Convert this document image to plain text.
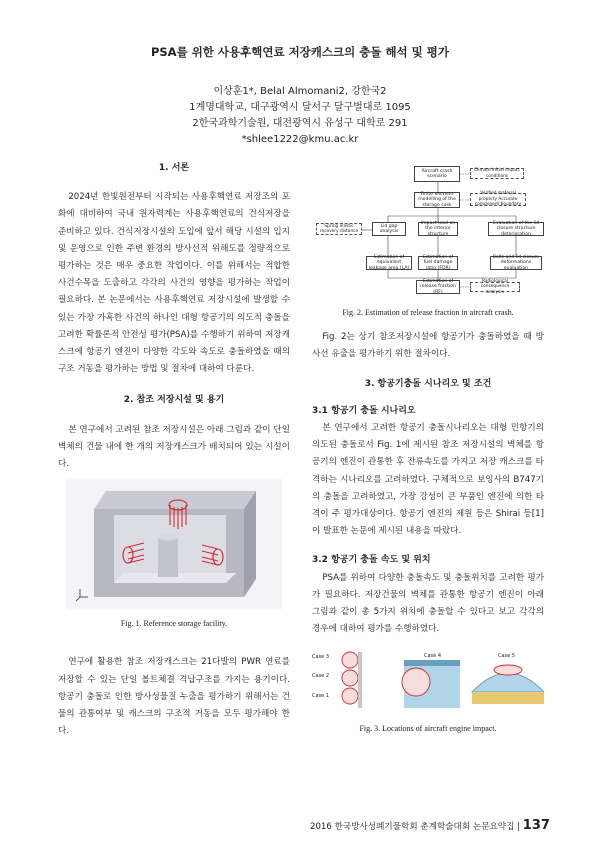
PSA를 위한 사용후핵연료 저장캐스크의 충돌 해석 및 평가
이상훈1*, Belal Almomani2, 강한국2
1계명대학교, 대구광역시 달서구 달구벌대로 1095
2한국과학기술원, 대전광역시 유성구 대학로 291
*shlee1222@kmu.ac.kr
1. 서론

2024년 한빛원전부터 시작되는 사용후핵연료 저장조의 포화에 대비하여 국내 원자력계는 사용후핵연료의 건식저장을 준비하고 있다. 건식저장시설의 도입에 앞서 해당 시설의 입지 및 운영으로 인한 주변 환경의 방사선적 위해도를 정량적으로 평가하는 것은 매우 중요한 작업이다. 이를 위해서는 적합한 사건수목을 도출하고 각각의 사건의 영향을 평가하는 작업이 필요하다. 본 논문에서는 사용후핵연료 저장시설에 발생할 수 있는 가장 가혹한 사건의 하나인 대형 항공기의 의도적 충돌을 고려한 확률론적 안전성 평가(PSA)를 수행하기 위하여 저장캐스크에 항공기 엔진이 다양한 각도와 속도로 충돌하였을 때의 구조 거동을 평가하는 방법 및 절차에 대하여 다룬다.

2. 참조 저장시설 및 용기

본 연구에서 고려된 참조 저장시설은 아래 그림과 같이 단일 벽체의 건물 내에 한 개의 저장캐스크가 배치되어 있는 시설이다.

Fig. 1. Reference storage facility.

연구에 활용한 참조 저장캐스크는 21다발의 PWR 연료를 저장할 수 있는 단일 볼트체결 격납구조를 가지는 용기이다. 항공기 충돌로 인한 방사성물질 누출을 평가하기 위해서는 건물의 관통여부 및 캐스크의 구조적 거동을 모두 평가해야 한다.

Aircraft crash scenario
Climate initial impact conditions
Finite element modelling of the storage cask
Verified material property Accurate component boundary
Lid gap analysis
Impact load on the interior structure
Evaluation of the lid closure structure deterioration
Spring elastic recovery distance
Estimation of equivalent leakage area (LA)
Estimation of fuel damage ratio (FDR)
Bolts and lid closure deformations evaluation
Estimation of release fraction (RF)
Radiological consequence analysis
Fig. 2. Estimation of release fraction in aircraft crash.

Fig. 2는 상기 참조저장시설에 항공기가 충돌하였을 때 방사선 유출을 평가하기 위한 절차이다.

3. 항공기충돌 시나리오 및 조건
3.1 항공기 충돌 시나리오

본 연구에서 고려한 항공기 충돌시나리오는 대형 민항기의 의도된 충돌로서 Fig. 1에 제시된 참조 저장시설의 벽체를 항공기의 엔진이 관통한 후 잔류속도를 가지고 저장 캐스크를 타격하는 시나리오를 고려하였다. 구체적으로 보잉사의 B747기의 충돌을 고려하였고, 가장 강성이 큰 부품인 엔진에 의한 타격이 주 평가대상이다. 항공기 엔진의 제원 등은 Shirai 등[1]이 발표한 논문에 제시된 내용을 따랐다.

3.2 항공기 충돌 속도 및 위치

PSA를 위하여 다양한 충돌속도 및 충돌위치를 고려한 평가가 필요하다. 저장건물의 벽체를 관통한 항공기 엔진이 아래 그림과 같이 총 5가지 위치에 충돌할 수 있다고 보고 각각의 경우에 대하여 평가를 수행하였다.

Case 3
Case 2
Case 1
Case 4	Case 5
Fig. 3. Locations of aircraft engine impact.
2016 한국방사성폐기물학회 춘계학술대회 논문요약집 | 137
